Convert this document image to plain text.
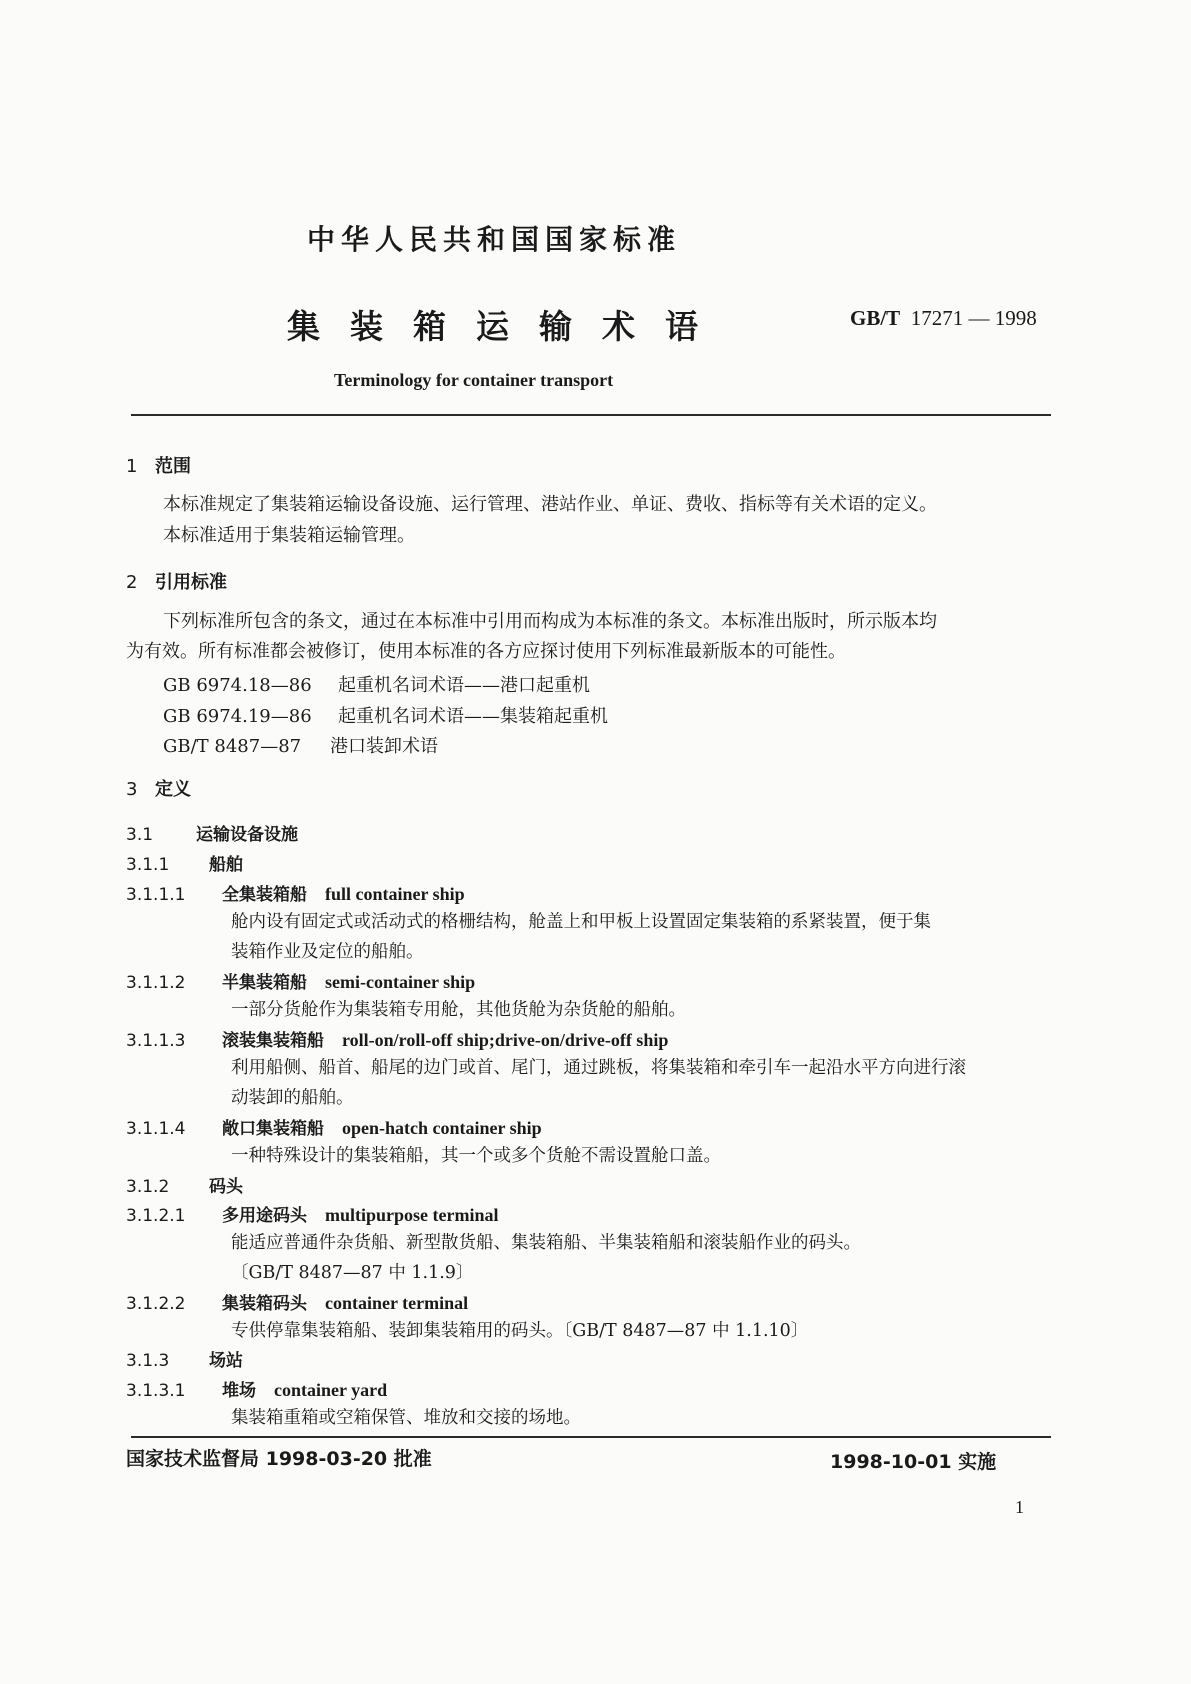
中华人民共和国国家标准
集装箱运输术语	GB/T 17271 — 1998
Terminology for container transport
1 范围
本标准规定了集装箱运输设备设施、运行管理、港站作业、单证、费收、指标等有关术语的定义。
本标准适用于集装箱运输管理。
2 引用标准
下列标准所包含的条文，通过在本标准中引用而构成为本标准的条文。本标准出版时，所示版本均
为有效。所有标准都会被修订，使用本标准的各方应探讨使用下列标准最新版本的可能性。
GB 6974.18—86 起重机名词术语——港口起重机
GB 6974.19—86 起重机名词术语——集装箱起重机
GB/T 8487—87 港口装卸术语
3 定义
3.1	运输设备设施
3.1.1 船舶
3.1.1.1 全集装箱船 full container ship
舱内设有固定式或活动式的格栅结构，舱盖上和甲板上设置固定集装箱的系紧装置，便于集
装箱作业及定位的船舶。
3.1.1.2 半集装箱船 semi-container ship
一部分货舱作为集装箱专用舱，其他货舱为杂货舱的船舶。
3.1.1.3 滚装集装箱船 roll-on/roll-off ship;drive-on/drive-off ship
利用船侧、船首、船尾的边门或首、尾门，通过跳板，将集装箱和牵引车一起沿水平方向进行滚
动装卸的船舶。
3.1.1.4 敞口集装箱船 open-hatch container ship
一种特殊设计的集装箱船，其一个或多个货舱不需设置舱口盖。
3.1.2 码头
3.1.2.1 多用途码头 multipurpose terminal
能适应普通件杂货船、新型散货船、集装箱船、半集装箱船和滚装船作业的码头。
〔GB/T 8487—87 中 1.1.9〕
3.1.2.2 集装箱码头 container terminal
专供停靠集装箱船、装卸集装箱用的码头。〔GB/T 8487—87 中 1.1.10〕
3.1.3 场站
3.1.3.1 堆场 container yard
集装箱重箱或空箱保管、堆放和交接的场地。
国家技术监督局 1998-03-20 批准	1998-10-01 实施
1
